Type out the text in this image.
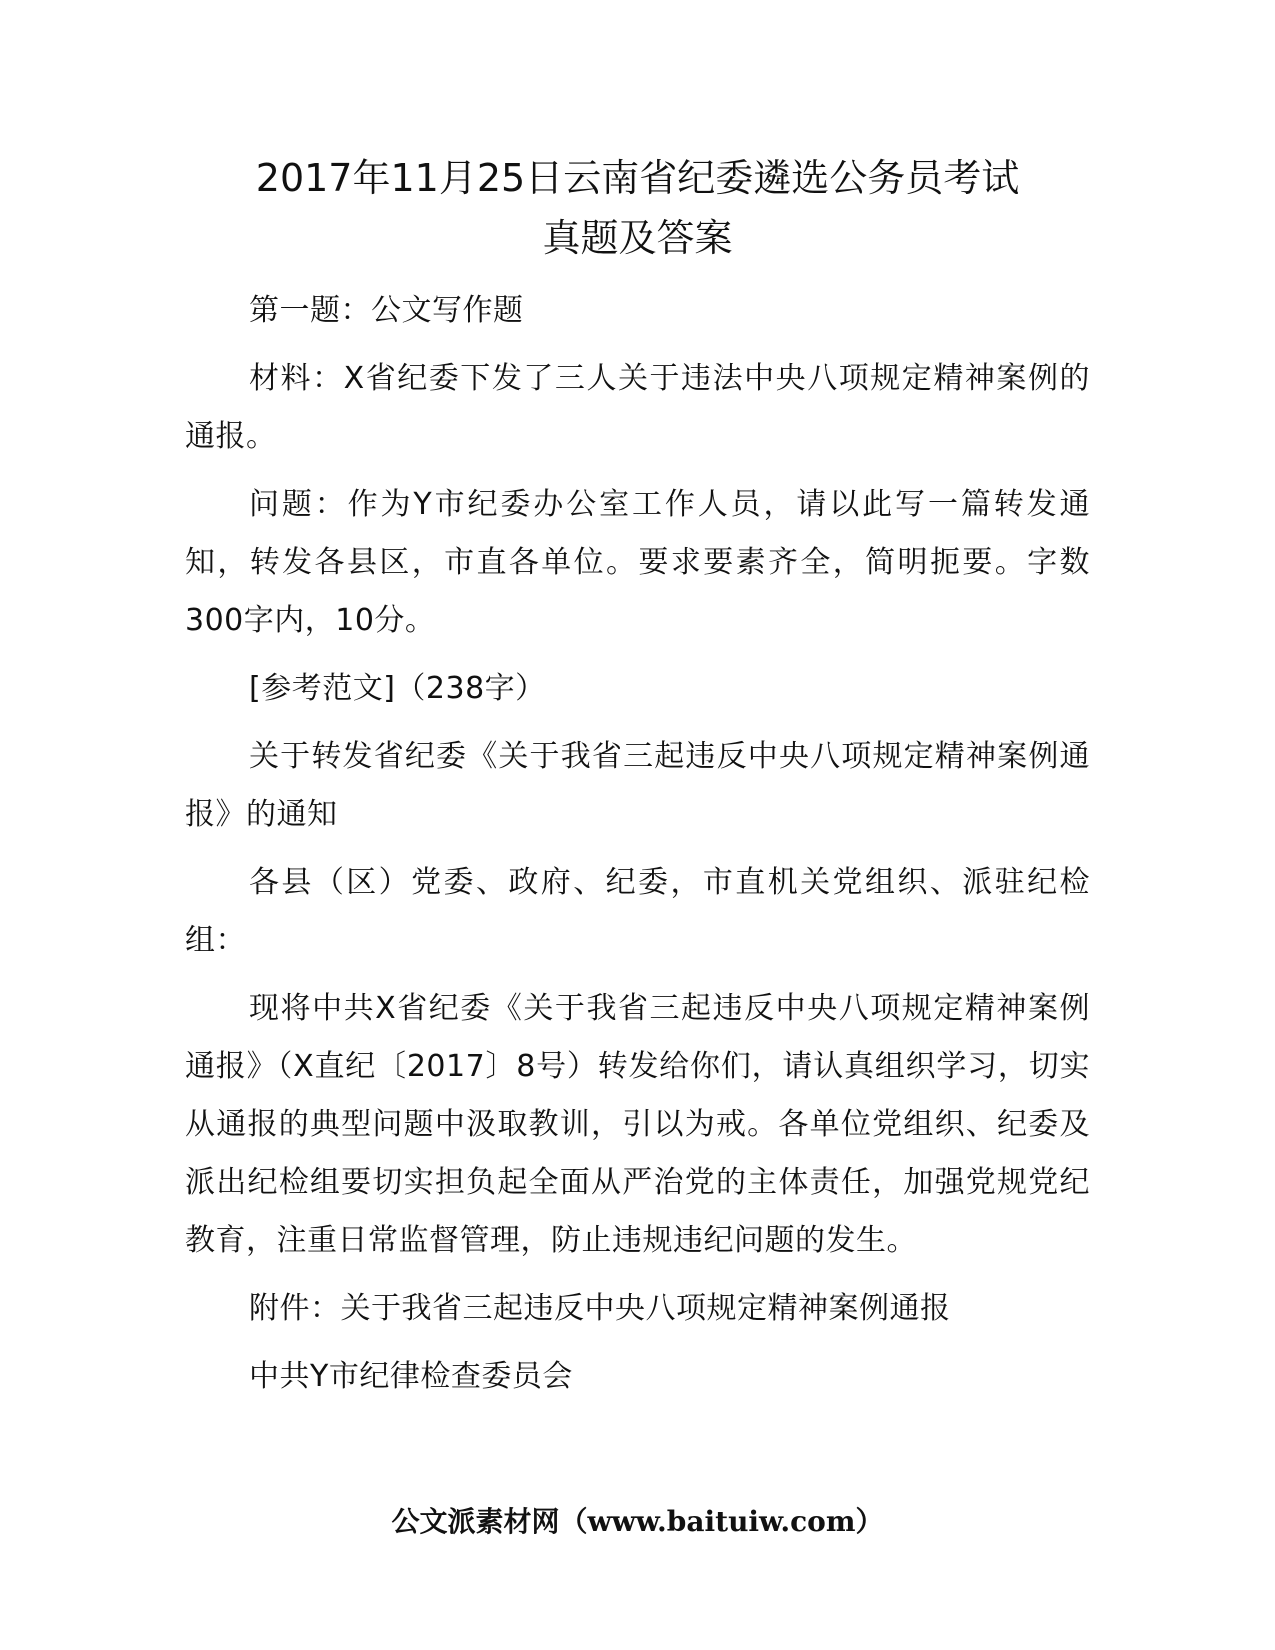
2017年11月25日云南省纪委遴选公务员考试
真题及答案

第一题：公文写作题

材料：X省纪委下发了三人关于违法中央八项规定精神案例的通报。

问题：作为Y市纪委办公室工作人员，请以此写一篇转发通知，转发各县区，市直各单位。要求要素齐全，简明扼要。字数300字内，10分。

[参考范文]（238字）

关于转发省纪委《关于我省三起违反中央八项规定精神案例通报》的通知

各县（区）党委、政府、纪委，市直机关党组织、派驻纪检组：

现将中共X省纪委《关于我省三起违反中央八项规定精神案例通报》（X直纪〔2017〕8号）转发给你们，请认真组织学习，切实从通报的典型问题中汲取教训，引以为戒。各单位党组织、纪委及派出纪检组要切实担负起全面从严治党的主体责任，加强党规党纪教育，注重日常监督管理，防止违规违纪问题的发生。

附件：关于我省三起违反中央八项规定精神案例通报

中共Y市纪律检查委员会

公文派素材网（www.baituiw.com）
